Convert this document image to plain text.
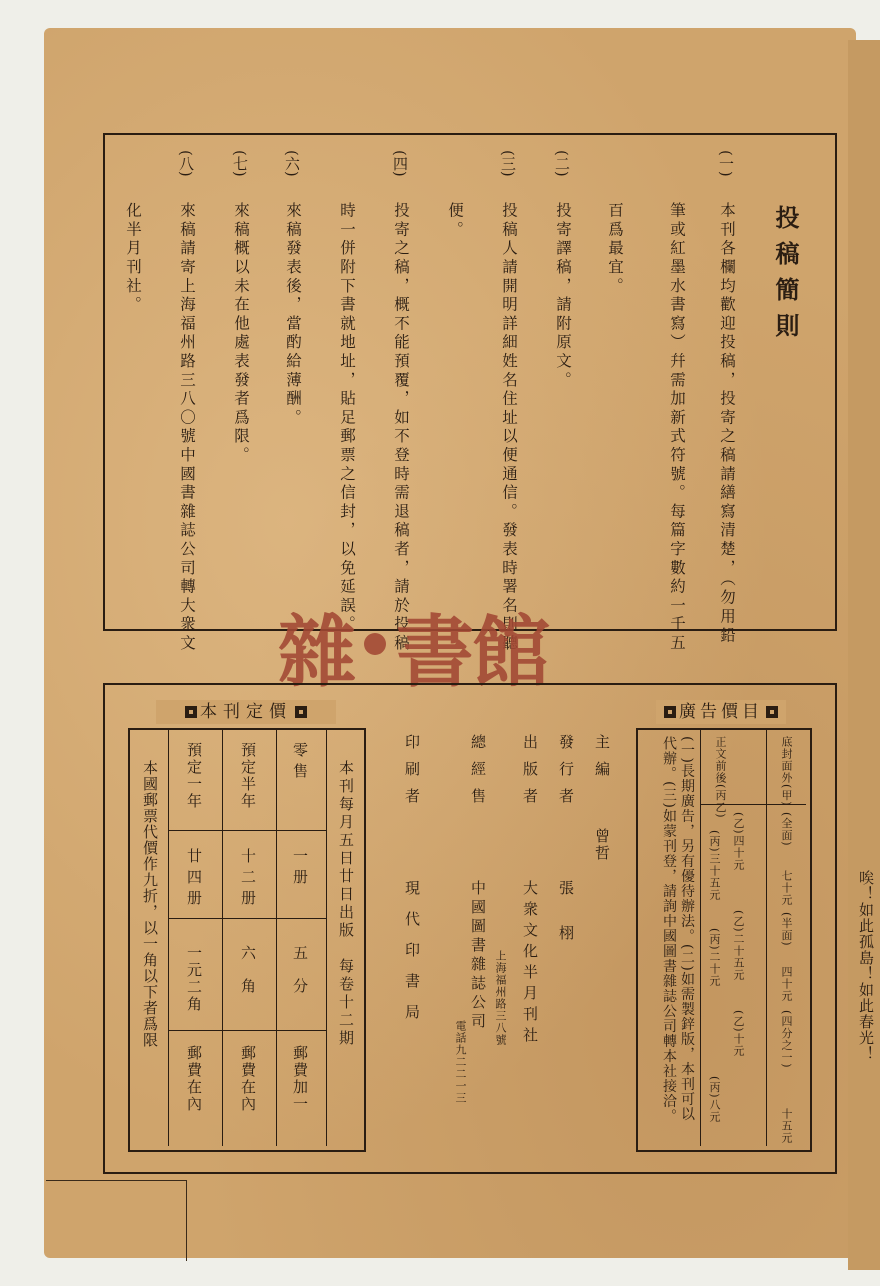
唉！如此孤島！如此春光！
投稿簡則
(一)
本刊各欄均歡迎投稿，投寄之稿請繕寫清楚，（勿用鉛
筆或紅墨水書寫）幷需加新式符號。每篇字數約一千五
百爲最宜。
(二)
投寄譯稿，請附原文。
(三)
投稿人請開明詳細姓名住址以便通信。發表時署名則聽
便。
(四)
投寄之稿，概不能預覆，如不登時需退稿者，請於投稿
時一併附下書就地址，貼足郵票之信封，以免延誤。
(六)
來稿發表後，當酌給薄酬。
(七)
來稿概以未在他處表發者爲限。
(八)
來稿請寄上海福州路三八〇號中國書雜誌公司轉大衆文
化半月刊社。
雜 書館
本刊定價
本刊每月五日廿日出版　每卷十二期
零售
一册
五分
郵費加一
預定半年
十二册
六角
郵費在內
預定一年
廿四册
一元二角
郵費在內
本國郵票代價作九折，以一角以下者爲限	主編
曾哲
發行者
張栩
出版者
大衆文化半月刊社
總經售
中國圖書雜誌公司 上海福州路三八號
電話九二二一三
印刷者
現代印書局
廣告價目
底封面外(甲)
正文前後(丙乙)
(全面)
七十元
(半面)
四十元
(四分之一)
十五元
(乙)四十元
(乙)二十五元
(乙)十元
(丙)三十五元
(丙)二十元
(丙)八元
(一)長期廣告，另有優待辦法。(二)如需製鋅版，本刊可以代辦。(三)如蒙刊登，請詢中國圖書雜誌公司轉本社接洽。
